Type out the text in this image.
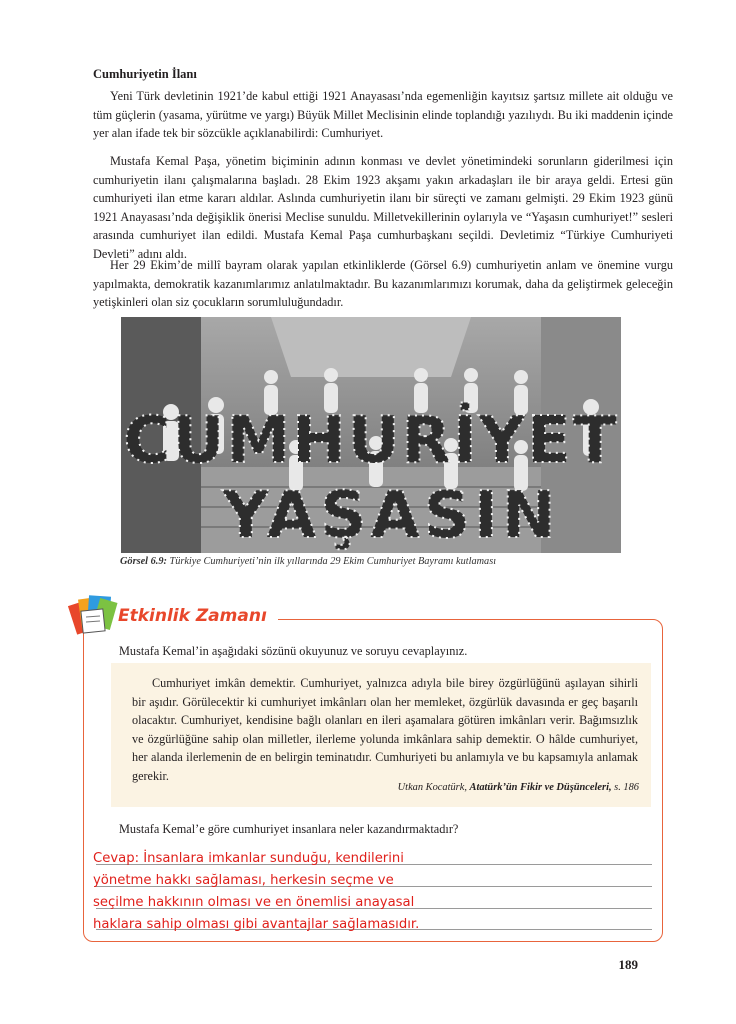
Cumhuriyetin İlanı

Yeni Türk devletinin 1921’de kabul ettiği 1921 Anayasası’nda egemenliğin kayıtsız şartsız millete ait olduğu ve tüm güçlerin (yasama, yürütme ve yargı) Büyük Millet Meclisinin elinde toplandığı yazılıydı. Bu iki maddenin içinde yer alan ifade tek bir sözcükle açıklanabilirdi: Cumhuriyet.

Mustafa Kemal Paşa, yönetim biçiminin adının konması ve devlet yönetimindeki sorunların giderilmesi için cumhuriyetin ilanı çalışmalarına başladı. 28 Ekim 1923 akşamı yakın arkadaşları ile bir araya geldi. Ertesi gün cumhuriyeti ilan etme kararı aldılar. Aslında cumhuriyetin ilanı bir süreçti ve zamanı gelmişti. 29 Ekim 1923 günü 1921 Anayasası’nda değişiklik önerisi Meclise sunuldu. Milletvekillerinin oylarıyla ve “Yaşasın cumhuriyet!” sesleri arasında cumhuriyet ilan edildi. Mustafa Kemal Paşa cumhurbaşkanı seçildi. Devletimiz “Türkiye Cumhuriyeti Devleti” adını aldı.

Her 29 Ekim’de millî bayram olarak yapılan etkinliklerde (Görsel 6.9) cumhuriyetin anlam ve önemine vurgu yapılmakta, demokratik kazanımlarımız anlatılmaktadır. Bu kazanımlarımızı korumak, daha da geliştirmek geleceğin yetişkinleri olan siz çocukların sorumluluğundadır.

CUMHURİYET
YAŞASIN
Görsel 6.9: Türkiye Cumhuriyeti’nin ilk yıllarında 29 Ekim Cumhuriyet Bayramı kutlaması
Etkinlik Zamanı
Mustafa Kemal’in aşağıdaki sözünü okuyunuz ve soruyu cevaplayınız.

Cumhuriyet imkân demektir. Cumhuriyet, yalnızca adıyla bile birey özgürlüğünü aşılayan sihirli bir aşıdır. Görülecektir ki cumhuriyet imkânları olan her memleket, özgürlük davasında er geç başarılı olacaktır. Cumhuriyet, kendisine bağlı olanları en ileri aşamalara götüren imkânları verir. Bağımsızlık ve özgürlüğüne sahip olan milletler, ilerleme yolunda imkânlara sahip demektir. O hâlde cumhuriyet, her alanda ilerlemenin de en belirgin teminatıdır. Cumhuriyeti bu anlamıyla ve bu kapsamıyla anlamak gerekir.

Utkan Kocatürk, Atatürk’ün Fikir ve Düşünceleri, s. 186
Mustafa Kemal’e göre cumhuriyet insanlara neler kazandırmaktadır?
Cevap: İnsanlara imkanlar sunduğu, kendilerini
yönetme hakkı sağlaması, herkesin seçme ve
seçilme hakkının olması ve en önemlisi anayasal
haklara sahip olması gibi avantajlar sağlamasıdır.
189
